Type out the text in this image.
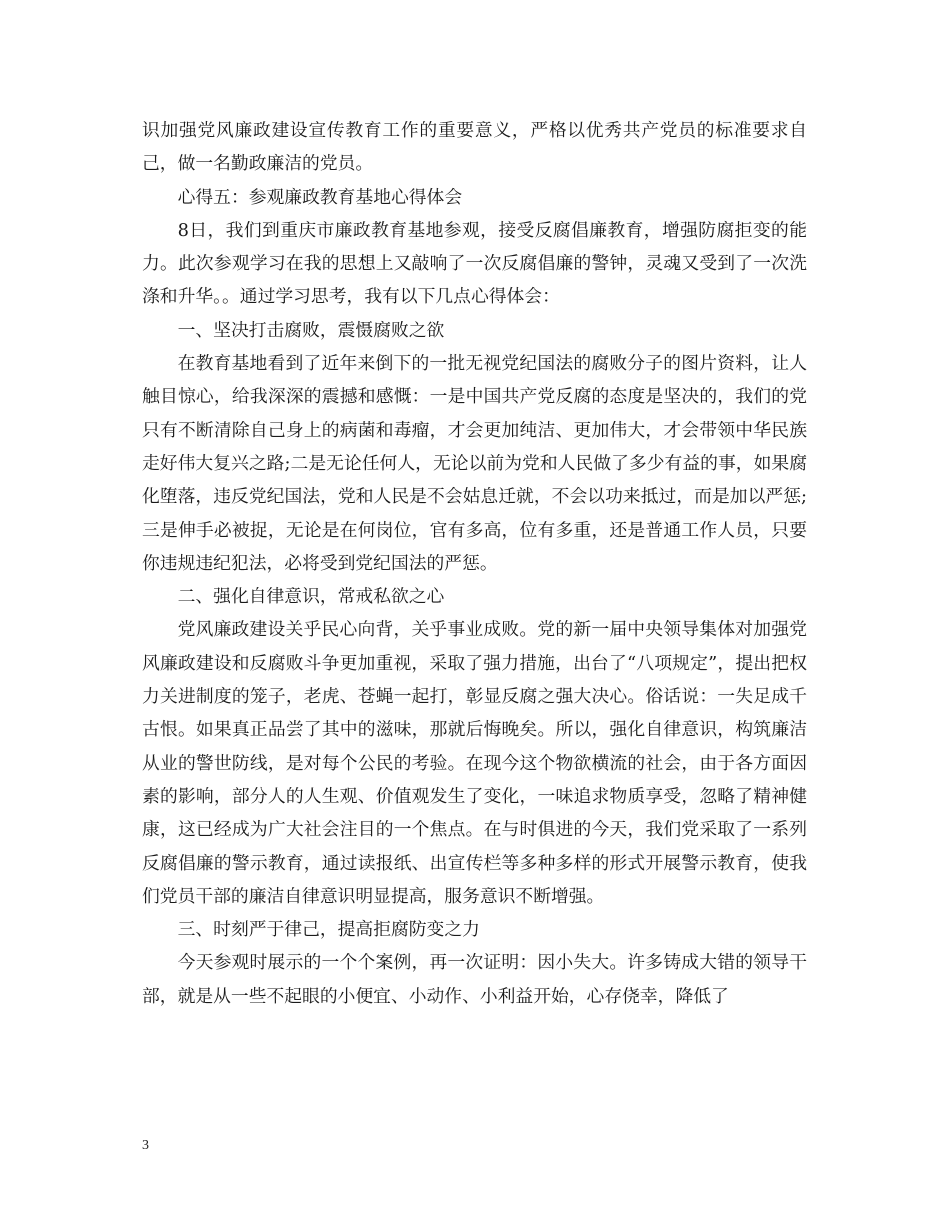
识加强党风廉政建设宣传教育工作的重要意义，严格以优秀共产党员的标准要求自己，做一名勤政廉洁的党员。

心得五：参观廉政教育基地心得体会

8日，我们到重庆市廉政教育基地参观，接受反腐倡廉教育，增强防腐拒变的能力。此次参观学习在我的思想上又敲响了一次反腐倡廉的警钟，灵魂又受到了一次洗涤和升华。。通过学习思考，我有以下几点心得体会：

一、坚决打击腐败，震慑腐败之欲

在教育基地看到了近年来倒下的一批无视党纪国法的腐败分子的图片资料，让人触目惊心，给我深深的震撼和感慨：一是中国共产党反腐的态度是坚决的，我们的党只有不断清除自己身上的病菌和毒瘤，才会更加纯洁、更加伟大，才会带领中华民族走好伟大复兴之路;二是无论任何人，无论以前为党和人民做了多少有益的事，如果腐化堕落，违反党纪国法，党和人民是不会姑息迁就，不会以功来抵过，而是加以严惩;三是伸手必被捉，无论是在何岗位，官有多高，位有多重，还是普通工作人员，只要你违规违纪犯法，必将受到党纪国法的严惩。

二、强化自律意识，常戒私欲之心

党风廉政建设关乎民心向背，关乎事业成败。党的新一届中央领导集体对加强党风廉政建设和反腐败斗争更加重视，采取了强力措施，出台了“八项规定”，提出把权力关进制度的笼子，老虎、苍蝇一起打，彰显反腐之强大决心。俗话说：一失足成千古恨。如果真正品尝了其中的滋味，那就后悔晚矣。所以，强化自律意识，构筑廉洁从业的警世防线，是对每个公民的考验。在现今这个物欲横流的社会，由于各方面因素的影响，部分人的人生观、价值观发生了变化，一味追求物质享受，忽略了精神健康，这已经成为广大社会注目的一个焦点。在与时俱进的今天，我们党采取了一系列反腐倡廉的警示教育，通过读报纸、出宣传栏等多种多样的形式开展警示教育，使我们党员干部的廉洁自律意识明显提高，服务意识不断增强。

三、时刻严于律己，提高拒腐防变之力

今天参观时展示的一个个案例，再一次证明：因小失大。许多铸成大错的领导干部，就是从一些不起眼的小便宜、小动作、小利益开始，心存侥幸，降低了

3
